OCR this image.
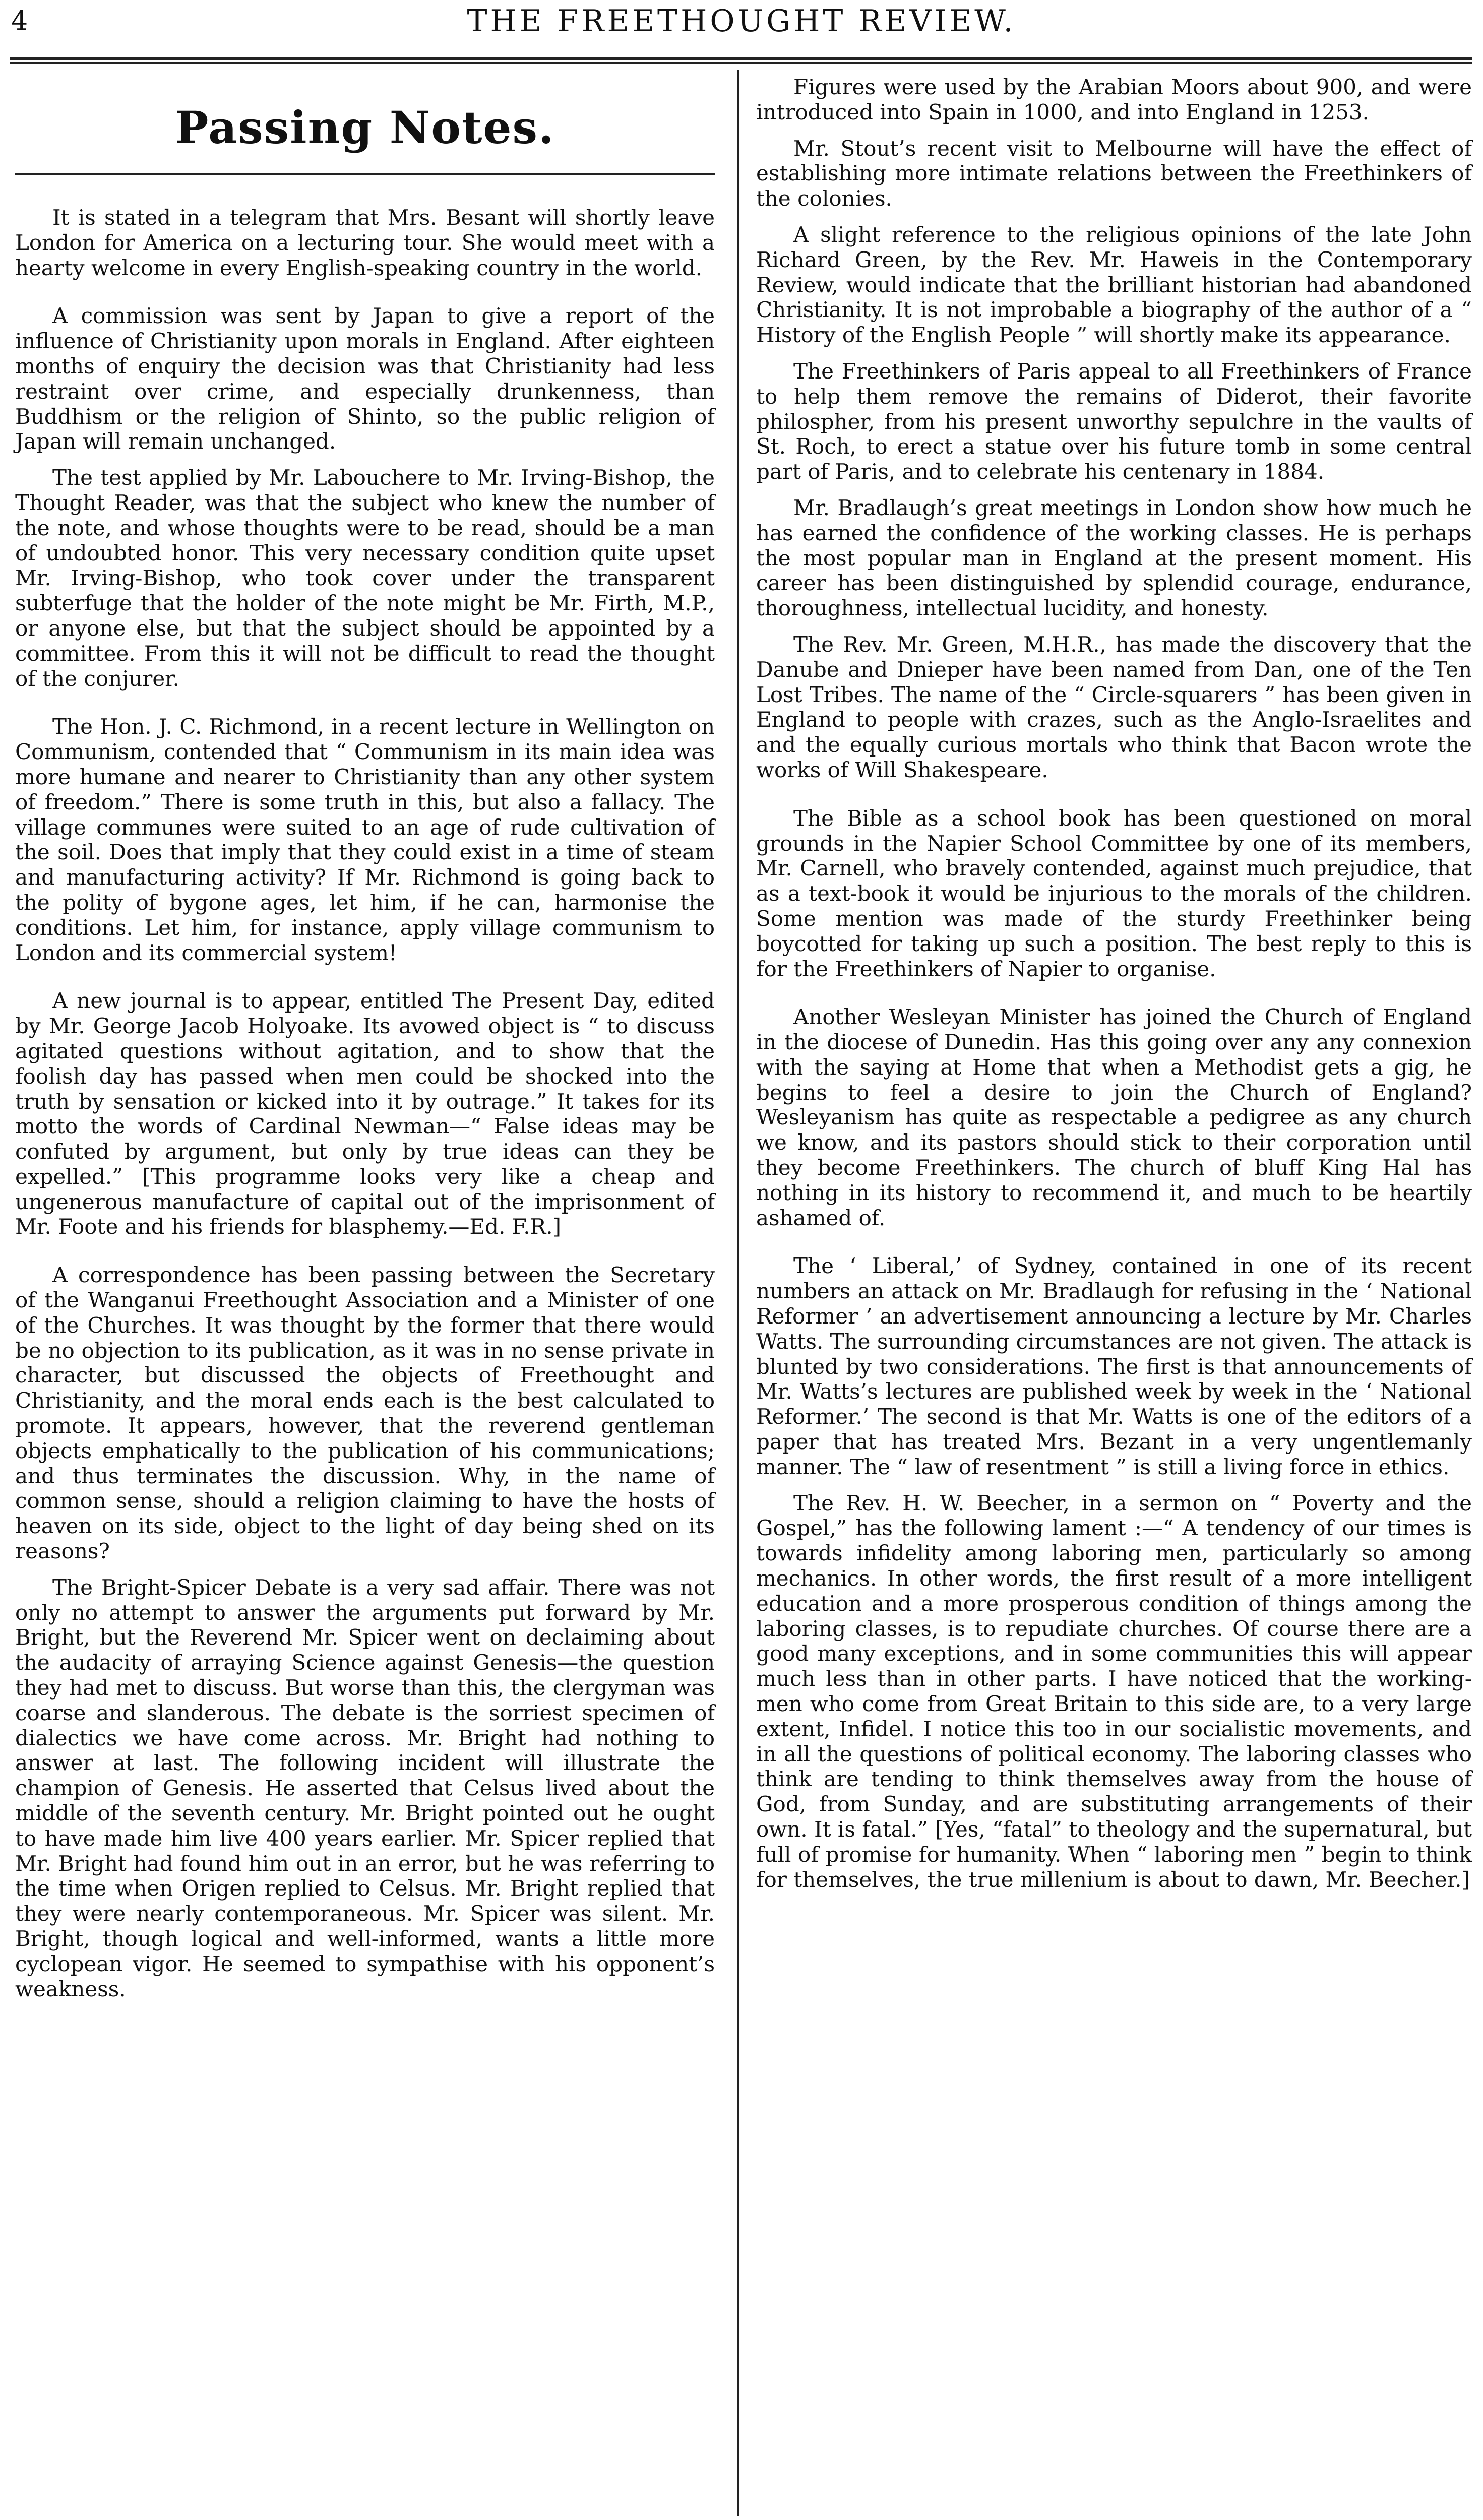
4	THE FREETHOUGHT REVIEW.
Passing Notes.

It is stated in a telegram that Mrs. Besant will shortly leave London for America on a lecturing tour. She would meet with a hearty welcome in every English-speaking country in the world.

A commission was sent by Japan to give a report of the influence of Christianity upon morals in England. After eighteen months of enquiry the decision was that Christianity had less restraint over crime, and especially drunkenness, than Buddhism or the religion of Shinto, so the public religion of Japan will remain unchanged.

The test applied by Mr. Labouchere to Mr. Irving-Bishop, the Thought Reader, was that the subject who knew the number of the note, and whose thoughts were to be read, should be a man of undoubted honor. This very necessary condition quite upset Mr. Irving-Bishop, who took cover under the transparent subterfuge that the holder of the note might be Mr. Firth, M.P., or anyone else, but that the subject should be appointed by a committee. From this it will not be difficult to read the thought of the conjurer.

The Hon. J. C. Richmond, in a recent lecture in Wellington on Communism, contended that “ Communism in its main idea was more humane and nearer to Christianity than any other system of freedom.” There is some truth in this, but also a fallacy. The village communes were suited to an age of rude cultivation of the soil. Does that imply that they could exist in a time of steam and manufacturing activity? If Mr. Richmond is going back to the polity of bygone ages, let him, if he can, harmonise the conditions. Let him, for instance, apply village communism to London and its commercial system!

A new journal is to appear, entitled The Present Day, edited by Mr. George Jacob Holyoake. Its avowed object is “ to discuss agitated questions without agitation, and to show that the foolish day has passed when men could be shocked into the truth by sensation or kicked into it by outrage.” It takes for its motto the words of Cardinal Newman—“ False ideas may be confuted by argument, but only by true ideas can they be expelled.” [This programme looks very like a cheap and ungenerous manufacture of capital out of the imprisonment of Mr. Foote and his friends for blasphemy.—Ed. F.R.]

A correspondence has been passing between the Secretary of the Wanganui Freethought Association and a Minister of one of the Churches. It was thought by the former that there would be no objection to its publication, as it was in no sense private in character, but discussed the objects of Freethought and Christianity, and the moral ends each is the best calculated to promote. It appears, however, that the reverend gentleman objects emphatically to the publication of his communications; and thus terminates the discussion. Why, in the name of common sense, should a religion claiming to have the hosts of heaven on its side, object to the light of day being shed on its reasons?

The Bright-Spicer Debate is a very sad affair. There was not only no attempt to answer the arguments put forward by Mr. Bright, but the Reverend Mr. Spicer went on declaiming about the audacity of arraying Science against Genesis—the question they had met to discuss. But worse than this, the clergyman was coarse and slanderous. The debate is the sorriest specimen of dialectics we have come across. Mr. Bright had nothing to answer at last. The following incident will illustrate the champion of Genesis. He asserted that Celsus lived about the middle of the seventh century. Mr. Bright pointed out he ought to have made him live 400 years earlier. Mr. Spicer replied that Mr. Bright had found him out in an error, but he was referring to the time when Origen replied to Celsus. Mr. Bright replied that they were nearly contemporaneous. Mr. Spicer was silent. Mr. Bright, though logical and well-informed, wants a little more cyclopean vigor. He seemed to sympathise with his opponent’s weakness.

Figures were used by the Arabian Moors about 900, and were introduced into Spain in 1000, and into England in 1253.

Mr. Stout’s recent visit to Melbourne will have the effect of establishing more intimate relations between the Freethinkers of the colonies.

A slight reference to the religious opinions of the late John Richard Green, by the Rev. Mr. Haweis in the Contemporary Review, would indicate that the brilliant historian had abandoned Christianity. It is not improbable a biography of the author of a “ History of the English People ” will shortly make its appearance.

The Freethinkers of Paris appeal to all Freethinkers of France to help them remove the remains of Diderot, their favorite philospher, from his present unworthy sepulchre in the vaults of St. Roch, to erect a statue over his future tomb in some central part of Paris, and to celebrate his centenary in 1884.

Mr. Bradlaugh’s great meetings in London show how much he has earned the confidence of the working classes. He is perhaps the most popular man in England at the present moment. His career has been distinguished by splendid courage, endurance, thoroughness, intellectual lucidity, and honesty.

The Rev. Mr. Green, M.H.R., has made the discovery that the Danube and Dnieper have been named from Dan, one of the Ten Lost Tribes. The name of the “ Circle-squarers ” has been given in England to people with crazes, such as the Anglo-Israelites and and the equally curious mortals who think that Bacon wrote the works of Will Shakespeare.

The Bible as a school book has been questioned on moral grounds in the Napier School Committee by one of its members, Mr. Carnell, who bravely contended, against much prejudice, that as a text-book it would be injurious to the morals of the children. Some mention was made of the sturdy Freethinker being boycotted for taking up such a position. The best reply to this is for the Freethinkers of Napier to organise.

Another Wesleyan Minister has joined the Church of England in the diocese of Dunedin. Has this going over any any connexion with the saying at Home that when a Methodist gets a gig, he begins to feel a desire to join the Church of England? Wesleyanism has quite as respectable a pedigree as any church we know, and its pastors should stick to their corporation until they become Freethinkers. The church of bluff King Hal has nothing in its history to recommend it, and much to be heartily ashamed of.

The ‘ Liberal,’ of Sydney, contained in one of its recent numbers an attack on Mr. Bradlaugh for refusing in the ‘ National Reformer ’ an advertisement announcing a lecture by Mr. Charles Watts. The surrounding circumstances are not given. The attack is blunted by two considerations. The first is that announcements of Mr. Watts’s lectures are published week by week in the ‘ National Reformer.’ The second is that Mr. Watts is one of the editors of a paper that has treated Mrs. Bezant in a very ungentlemanly manner. The “ law of resentment ” is still a living force in ethics.

The Rev. H. W. Beecher, in a sermon on “ Poverty and the Gospel,” has the following lament :—“ A tendency of our times is towards infidelity among laboring men, particularly so among mechanics. In other words, the first result of a more intelligent education and a more prosperous condition of things among the laboring classes, is to repudiate churches. Of course there are a good many exceptions, and in some communities this will appear much less than in other parts. I have noticed that the working-men who come from Great Britain to this side are, to a very large extent, Infidel. I notice this too in our socialistic movements, and in all the questions of political economy. The laboring classes who think are tending to think themselves away from the house of God, from Sunday, and are substituting arrangements of their own. It is fatal.” [Yes, “fatal” to theology and the supernatural, but full of promise for humanity. When “ laboring men ” begin to think for themselves, the true millenium is about to dawn, Mr. Beecher.]
